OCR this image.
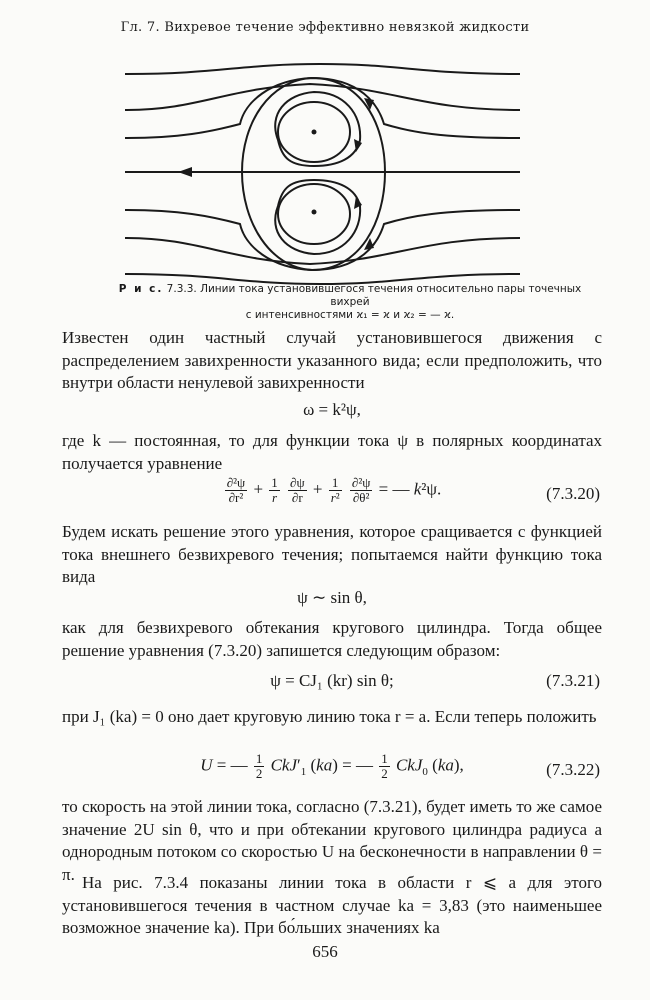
Гл. 7. Вихревое течение эффективно невязкой жидкости
Р и с. 7.3.3. Линии тока установившегося течения относительно пары точечных вихрей
с интенсивностями ϰ₁ = ϰ и ϰ₂ = — ϰ.
Известен один частный случай установившегося движения с распределением завихренности указанного вида; если предположить, что внутри области ненулевой завихренности
ω = k²ψ,
где k — постоянная, то для функции тока ψ в полярных координатах получается уравнение
$\frac{\text{∂²ψ}}{\text{∂r²}} + \frac{1}{r}$
$\frac{\partial\psi}{\partial r} + \frac{1}{\text{r²}}$
$\frac{\text{∂²ψ}}{\text{∂θ²}}$ = — k²ψ.	(7.3.20)
Будем искать решение этого уравнения, которое сращивается с функцией тока внешнего безвихревого течения; попытаемся найти функцию тока вида
ψ ∼ sin θ,
как для безвихревого обтекания кругового цилиндра. Тогда общее решение уравнения (7.3.20) запишется следующим образом:
ψ = CJ₁ (kr) sin θ;	(7.3.21)
при J₁ (ka) = 0 оно дает круговую линию тока r = a. Если теперь положить
U = — $\frac{1}{2} CkJ'_1$ (ka) = — $\frac{1}{2} CkJ_0$ (ka),	(7.3.22)
то скорость на этой линии тока, согласно (7.3.21), будет иметь то же самое значение 2U sin θ, что и при обтекании кругового цилиндра радиуса a однородным потоком со скоростью U на бесконечности в направлении θ = π. На рис. 7.3.4 показаны линии тока в области r ⩽ a для этого установившегося течения в частном случае ka = 3,83 (это наименьшее возможное значение ka). При бо́льших значениях ka
656
